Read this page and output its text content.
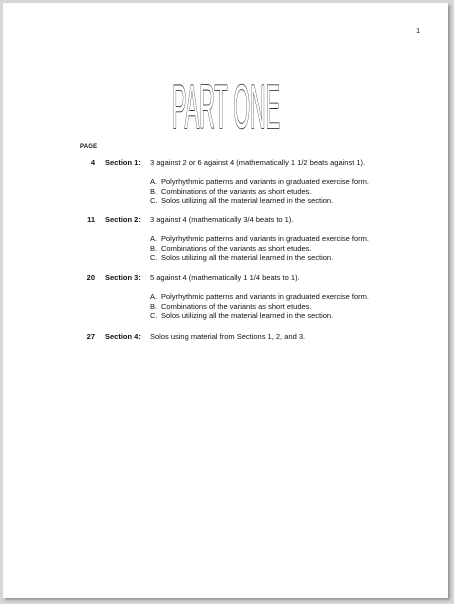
1
PART ONE
PAGE
4 Section 1: 3 against 2 or 6 against 4 (mathematically 1 1/2 beats against 1).
A. Polyrhythmic patterns and variants in graduated exercise form.
B. Combinations of the variants as short etudes.
C. Solos utilizing all the material learned in the section.
11 Section 2: 3 against 4 (mathematically 3/4 beats to 1).
A. Polyrhythmic patterns and variants in graduated exercise form.
B. Combinations of the variants as short etudes.
C. Solos utilizing all the material learned in the section.
20 Section 3: 5 against 4 (mathematically 1 1/4 beats to 1).
A. Polyrhythmic patterns and variants in graduated exercise form.
B. Combinations of the variants as short etudes.
C. Solos utilizing all the material learned in the section.
27 Section 4: Solos using material from Sections 1, 2, and 3.
